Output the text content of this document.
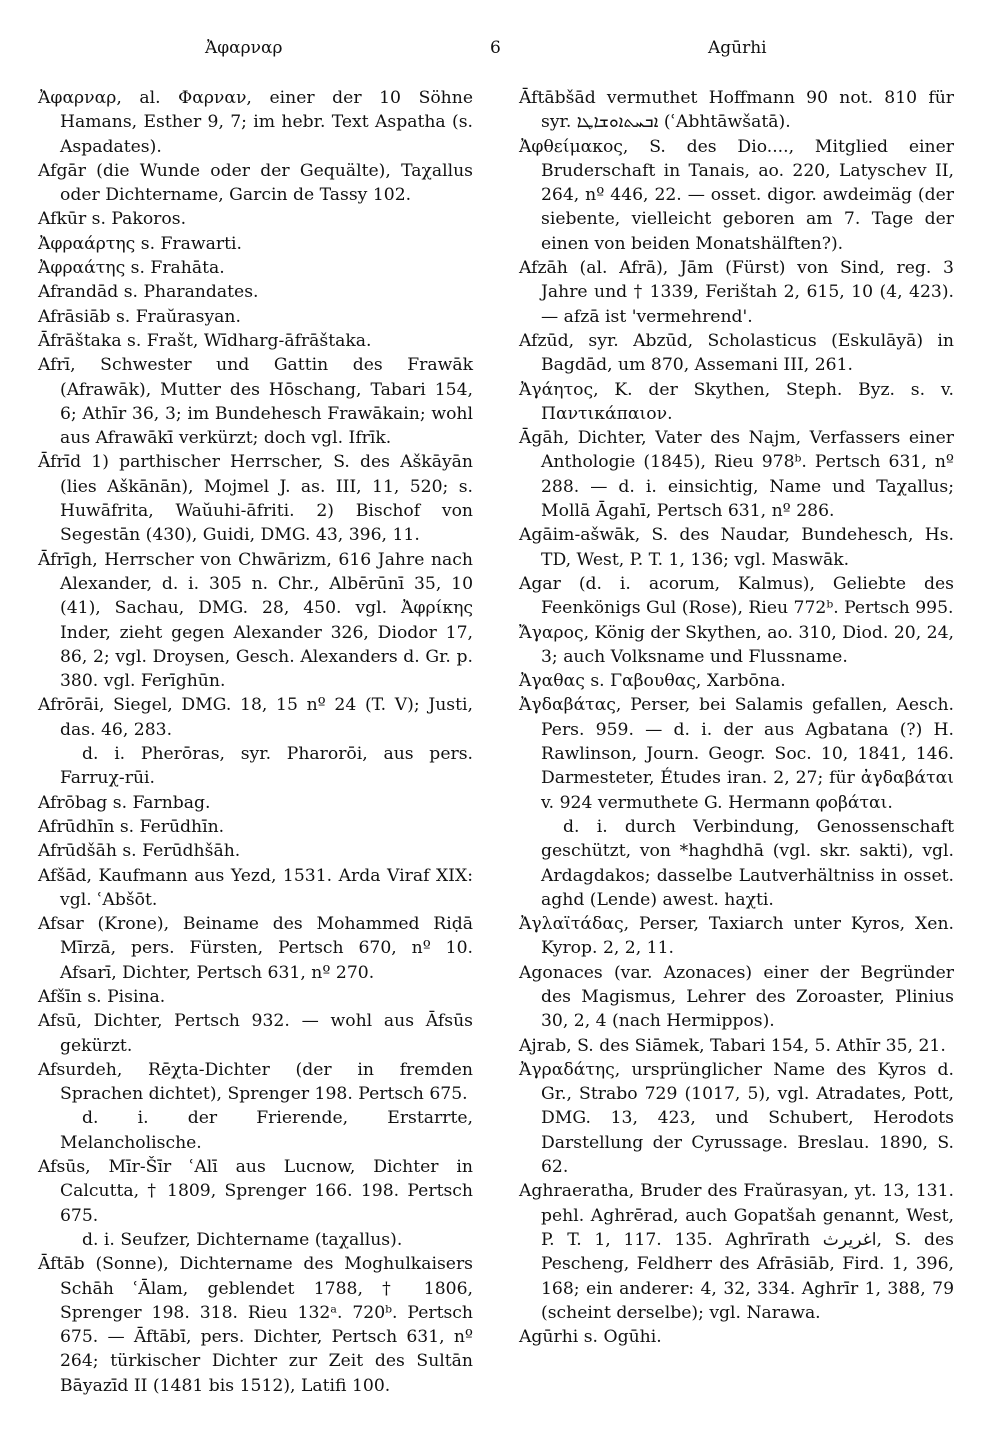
Ἀφαρναρ	6	Agūrhi

Ἀφαρναρ, al. Φαρναν, einer der 10 Söhne Hamans, Esther 9, 7; im hebr. Text Aspatha (s. Aspadates).

Afgār (die Wunde oder der Gequälte), Taχallus oder Dichtername, Garcin de Tassy 102.

Afkūr s. Pakoros.

Ἀφραάρτης s. Frawarti.

Ἀφραάτης s. Frahāta.

Afrandād s. Pharandates.

Afrāsiāb s. Fraŭrasyan.

Āfrāštaka s. Frašt, Wīdharg-āfrāštaka.

Afrī, Schwester und Gattin des Frawāk (Afrawāk), Mutter des Hōschang, Tabari 154, 6; Athīr 36, 3; im Bundehesch Frawākain; wohl aus Afrawākī verkürzt; doch vgl. Ifrīk.

Āfrīd 1) parthischer Herrscher, S. des Aškāyān (lies Aškānān), Mojmel J. as. III, 11, 520; s. Huwāfrita, Waŭuhi-āfriti. 2) Bischof von Segestān (430), Guidi, DMG. 43, 396, 11.

Āfrīgh, Herrscher von Chwārizm, 616 Jahre nach Alexander, d. i. 305 n. Chr., Albērūnī 35, 10 (41), Sachau, DMG. 28, 450. vgl. Ἀφρίκης Inder, zieht gegen Alexander 326, Diodor 17, 86, 2; vgl. Droysen, Gesch. Alexanders d. Gr. p. 380. vgl. Ferīghūn.

Afrōrāi, Siegel, DMG. 18, 15 nº 24 (T. V); Justi, das. 46, 283.

d. i. Pherōras, syr. Pharorōi, aus pers. Farruχ-rūi.

Afrōbag s. Farnbag.

Afrūdhīn s. Ferūdhīn.

Afrūdšāh s. Ferūdhšāh.

Afšād, Kaufmann aus Yezd, 1531. Arda Viraf XIX: vgl. ʿAbšōt.

Afsar (Krone), Beiname des Mohammed Riḍā Mīrzā, pers. Fürsten, Pertsch 670, nº 10. Afsarī, Dichter, Pertsch 631, nº 270.

Afšīn s. Pisina.

Afsū, Dichter, Pertsch 932. — wohl aus Āfsūs gekürzt.

Afsurdeh, Rēχta-Dichter (der in fremden Sprachen dichtet), Sprenger 198. Pertsch 675.

d. i. der Frierende, Erstarrte, Melancholische.

Afsūs, Mīr-Šīr ʿAlī aus Lucnow, Dichter in Calcutta, † 1809, Sprenger 166. 198. Pertsch 675.

d. i. Seufzer, Dichtername (taχallus).

Āftāb (Sonne), Dichtername des Moghulkaisers Schāh ʿĀlam, geblendet 1788, † 1806, Sprenger 198. 318. Rieu 132ᵃ. 720ᵇ. Pertsch 675. — Āftābī, pers. Dichter, Pertsch 631, nº 264; türkischer Dichter zur Zeit des Sultān Bāyazīd II (1481 bis 1512), Latifi 100.

Āftābšād vermuthet Hoffmann 90 not. 810 für syr. ܐܒܚܬܐܘܫܐܛܐ (ʿAbhtāwšatā).

Ἀφθείμακος, S. des Dio...., Mitglied einer Bruderschaft in Tanais, ao. 220, Latyschev II, 264, nº 446, 22. — osset. digor. awdeimäg (der siebente, vielleicht geboren am 7. Tage der einen von beiden Monatshälften?).

Afzāh (al. Afrā), Jām (Fürst) von Sind, reg. 3 Jahre und † 1339, Ferištah 2, 615, 10 (4, 423). — afzā ist 'vermehrend'.

Afzūd, syr. Abzūd, Scholasticus (Eskulāyā) in Bagdād, um 870, Assemani III, 261.

Ἀγάητος, K. der Skythen, Steph. Byz. s. v. Παντικάπαιον.

Āgāh, Dichter, Vater des Najm, Verfassers einer Anthologie (1845), Rieu 978ᵇ. Pertsch 631, nº 288. — d. i. einsichtig, Name und Taχallus; Mollā Āgahī, Pertsch 631, nº 286.

Agāim-ašwāk, S. des Naudar, Bundehesch, Hs. TD, West, P. T. 1, 136; vgl. Maswāk.

Agar (d. i. acorum, Kalmus), Geliebte des Feenkönigs Gul (Rose), Rieu 772ᵇ. Pertsch 995.

Ἄγαρος, König der Skythen, ao. 310, Diod. 20, 24, 3; auch Volksname und Flussname.

Ἀγαθας s. Γαβουθας, Xarbōna.

Ἀγδαβάτας, Perser, bei Salamis gefallen, Aesch. Pers. 959. — d. i. der aus Agbatana (?) H. Rawlinson, Journ. Geogr. Soc. 10, 1841, 146. Darmesteter, Études iran. 2, 27; für ἀγδαβάται v. 924 vermuthete G. Hermann φοβάται.

d. i. durch Verbindung, Genossenschaft geschützt, von *haghdhā (vgl. skr. sakti), vgl. Ardagdakos; dasselbe Lautverhältniss in osset. aghd (Lende) awest. haχti.

Ἀγλαϊτάδας, Perser, Taxiarch unter Kyros, Xen. Kyrop. 2, 2, 11.

Agonaces (var. Azonaces) einer der Begründer des Magismus, Lehrer des Zoroaster, Plinius 30, 2, 4 (nach Hermippos).

Ajrab, S. des Siāmek, Tabari 154, 5. Athīr 35, 21.

Ἀγραδάτης, ursprünglicher Name des Kyros d. Gr., Strabo 729 (1017, 5), vgl. Atradates, Pott, DMG. 13, 423, und Schubert, Herodots Darstellung der Cyrussage. Breslau. 1890, S. 62.

Aghraeratha, Bruder des Fraŭrasyan, yt. 13, 131. pehl. Aghrērad, auch Gopatšah genannt, West, P. T. 1, 117. 135. Aghrīrath اغريرث, S. des Pescheng, Feldherr des Afrāsiāb, Fird. 1, 396, 168; ein anderer: 4, 32, 334. Aghrīr 1, 388, 79 (scheint derselbe); vgl. Narawa.

Agūrhi s. Ogūhi.
